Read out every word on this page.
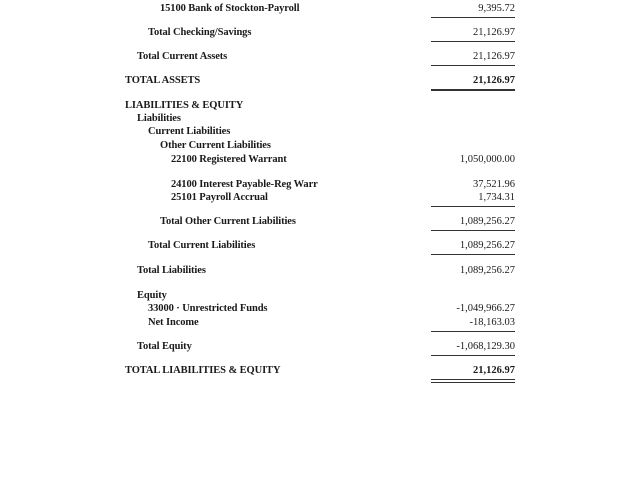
15100 Bank of Stockton-Payroll	9,395.72
Total Checking/Savings	21,126.97
Total Current Assets	21,126.97
TOTAL ASSETS	21,126.97
LIABILITIES & EQUITY
Liabilities
Current Liabilities
Other Current Liabilities
22100 Registered Warrant	1,050,000.00
24100 Interest Payable-Reg Warr	37,521.96
25101 Payroll Accrual	1,734.31
Total Other Current Liabilities	1,089,256.27
Total Current Liabilities	1,089,256.27
Total Liabilities	1,089,256.27
Equity
33000 · Unrestricted Funds	-1,049,966.27
Net Income	-18,163.03
Total Equity	-1,068,129.30
TOTAL LIABILITIES & EQUITY	21,126.97
